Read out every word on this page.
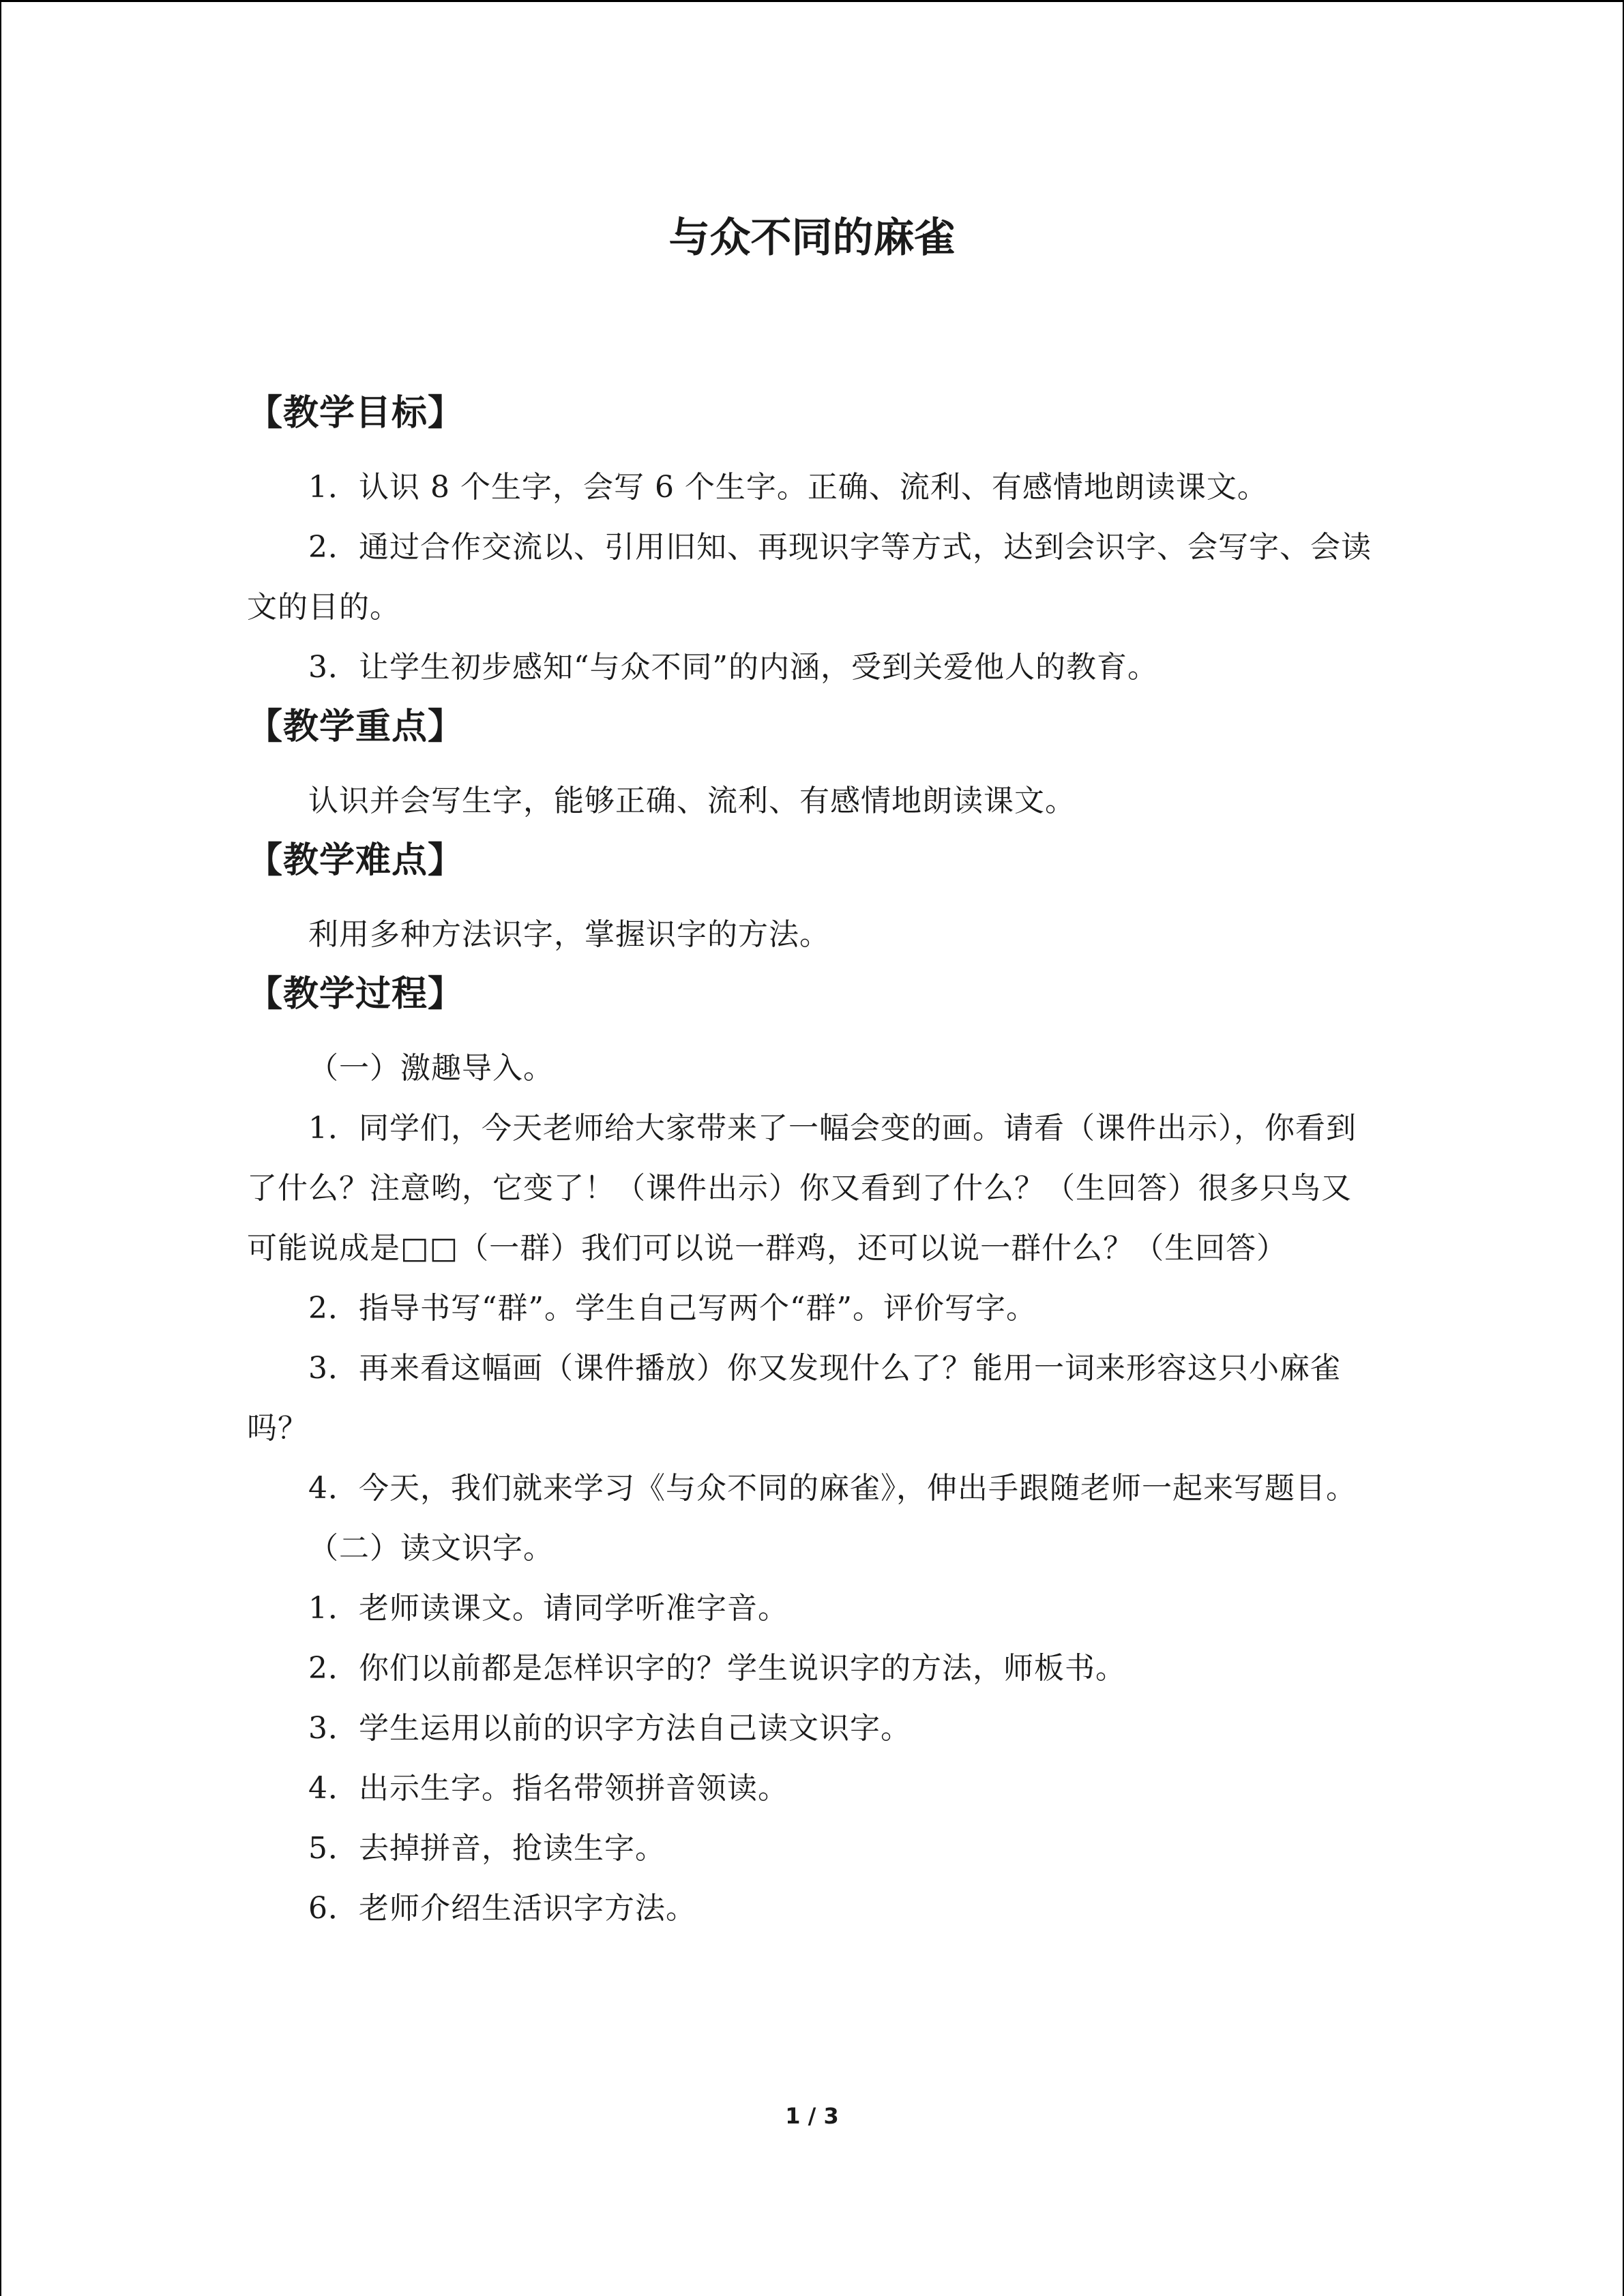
与众不同的麻雀
【教学目标】

1．认识 8 个生字，会写 6 个生字。正确、流利、有感情地朗读课文。

2．通过合作交流以、引用旧知、再现识字等方式，达到会识字、会写字、会读文的目的。

3．让学生初步感知“与众不同”的内涵，受到关爱他人的教育。

【教学重点】

认识并会写生字，能够正确、流利、有感情地朗读课文。

【教学难点】

利用多种方法识字，掌握识字的方法。

【教学过程】

（一）激趣导入。

1．同学们，今天老师给大家带来了一幅会变的画。请看（课件出示），你看到了什么？注意哟，它变了！（课件出示）你又看到了什么？（生回答）很多只鸟又可能说成是□□（一群）我们可以说一群鸡，还可以说一群什么？（生回答）

2．指导书写“群”。学生自己写两个“群”。评价写字。

3．再来看这幅画（课件播放）你又发现什么了？能用一词来形容这只小麻雀吗？

4．今天，我们就来学习《与众不同的麻雀》，伸出手跟随老师一起来写题目。

（二）读文识字。

1．老师读课文。请同学听准字音。

2．你们以前都是怎样识字的？学生说识字的方法，师板书。

3．学生运用以前的识字方法自己读文识字。

4．出示生字。指名带领拼音领读。

5．去掉拼音，抢读生字。

6．老师介绍生活识字方法。

1 / 3
